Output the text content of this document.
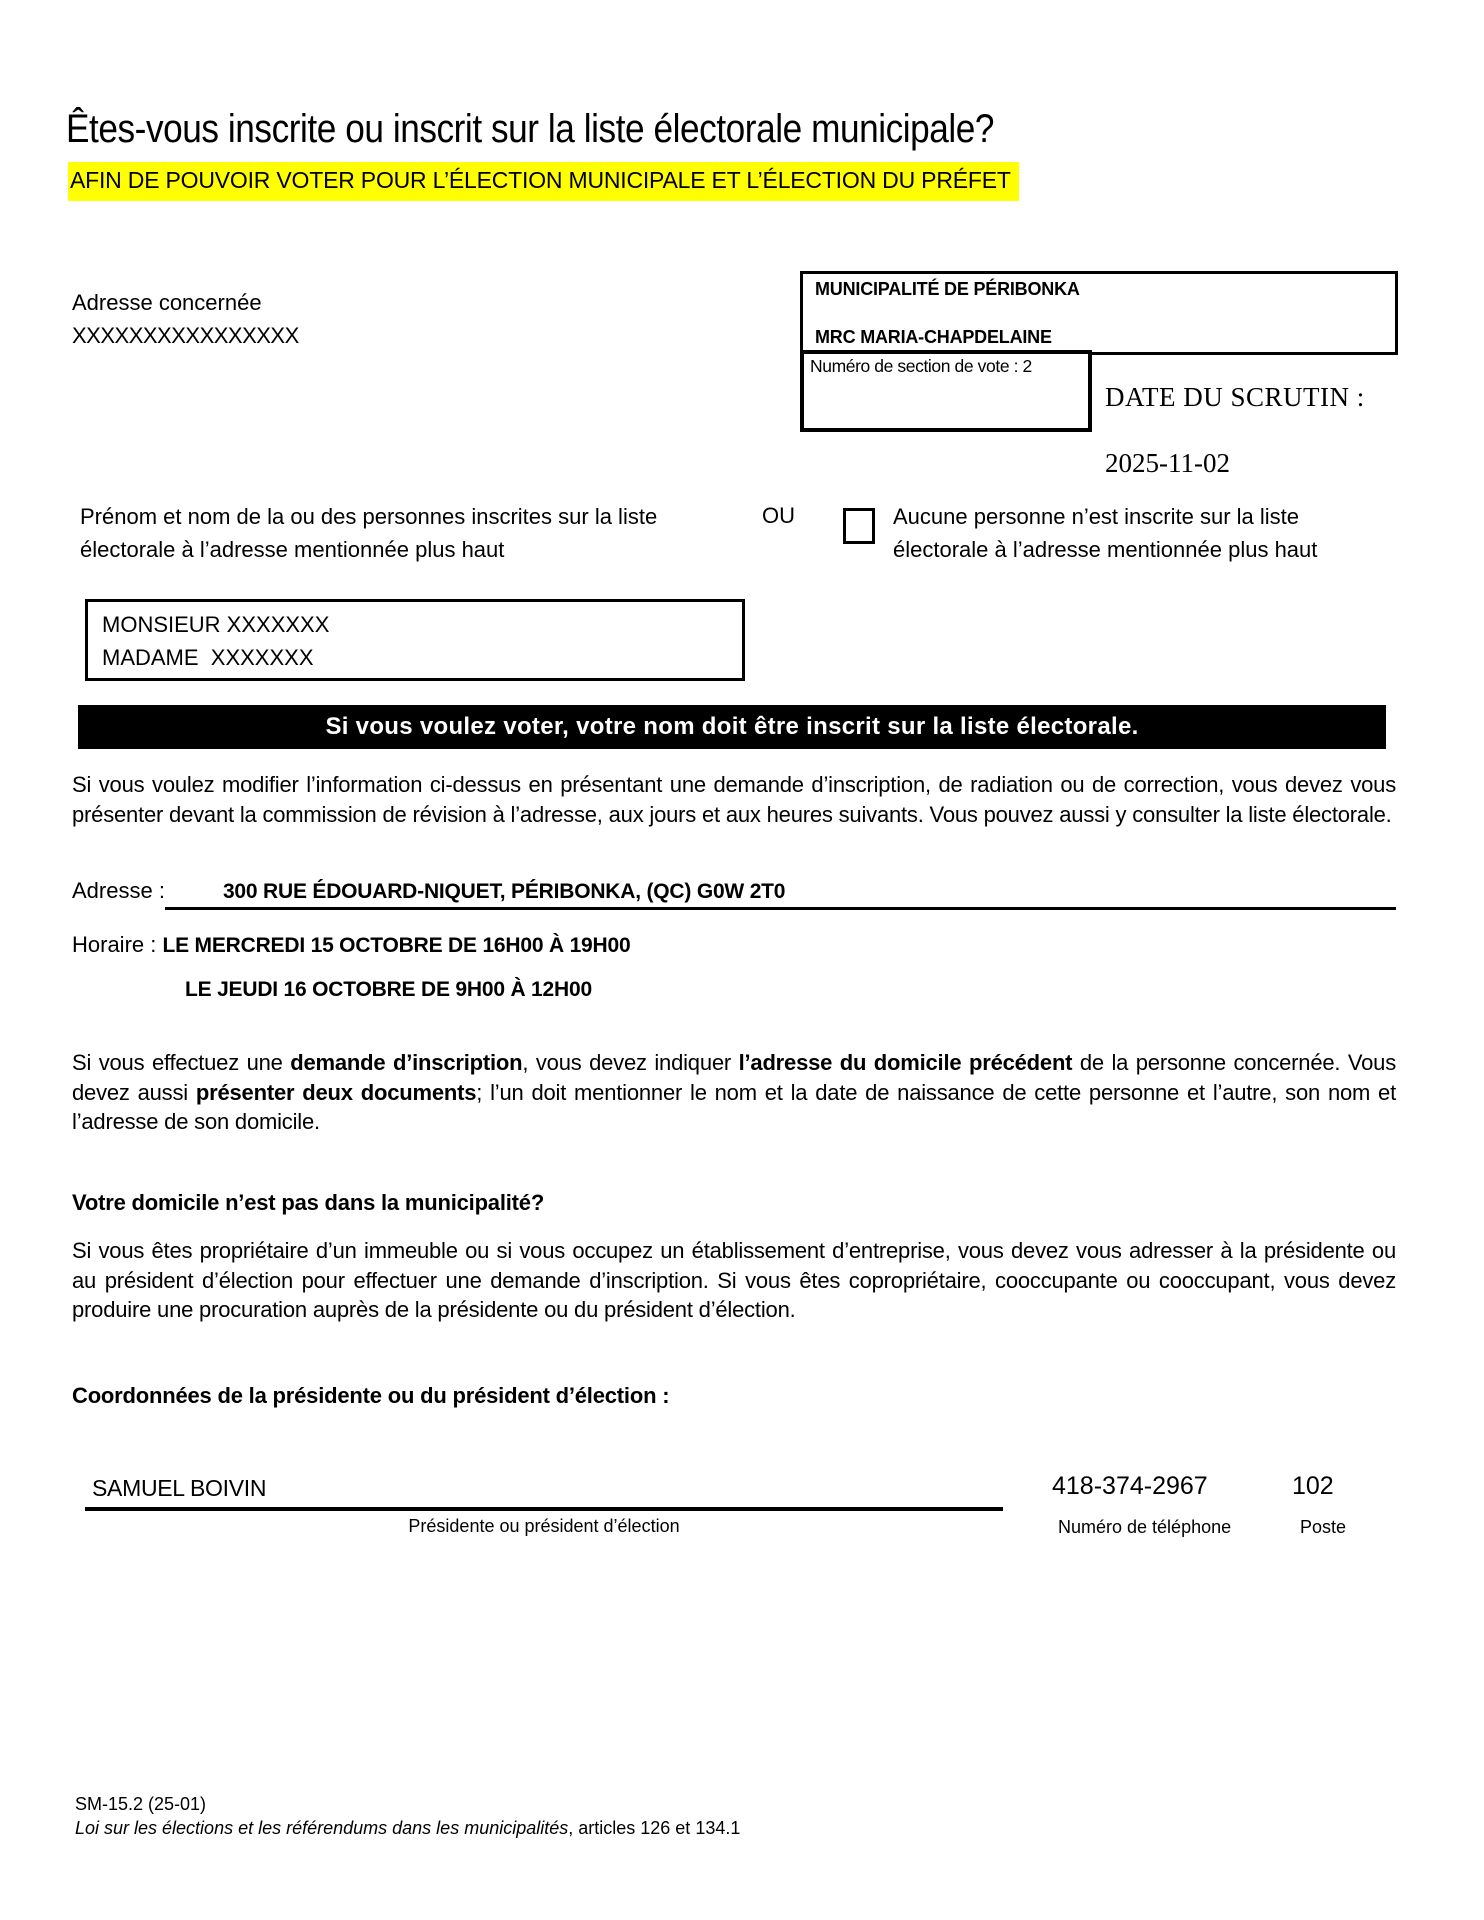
Êtes-vous inscrite ou inscrit sur la liste électorale municipale?
AFIN DE POUVOIR VOTER POUR L’ÉLECTION MUNICIPALE ET L’ÉLECTION DU PRÉFET
Adresse concernée
XXXXXXXXXXXXXXXX
MUNICIPALITÉ DE PÉRIBONKA
MRC MARIA-CHAPDELAINE
Numéro de section de vote : 2
DATE DU SCRUTIN :
2025-11-02
Prénom et nom de la ou des personnes inscrites sur la liste électorale à l’adresse mentionnée plus haut
OU	Aucune personne n’est inscrite sur la liste électorale à l’adresse mentionnée plus haut
MONSIEUR XXXXXXX
MADAME  XXXXXXX
Si vous voulez voter, votre nom doit être inscrit sur la liste électorale.

Si vous voulez modifier l’information ci-dessus en présentant une demande d’inscription, de radiation ou de correction, vous devez vous présenter devant la commission de révision à l’adresse, aux jours et aux heures suivants. Vous pouvez aussi y consulter la liste électorale.

Adresse :	300 RUE ÉDOUARD-NIQUET, PÉRIBONKA, (QC) G0W 2T0
Horaire : LE MERCREDI 15 OCTOBRE DE 16H00 À 19H00
LE JEUDI 16 OCTOBRE DE 9H00 À 12H00

Si vous effectuez une demande d’inscription, vous devez indiquer l’adresse du domicile précédent de la personne concernée. Vous devez aussi présenter deux documents; l’un doit mentionner le nom et la date de naissance de cette personne et l’autre, son nom et l’adresse de son domicile.

Votre domicile n’est pas dans la municipalité?

Si vous êtes propriétaire d’un immeuble ou si vous occupez un établissement d’entreprise, vous devez vous adresser à la présidente ou au président d’élection pour effectuer une demande d’inscription. Si vous êtes copropriétaire, cooccupante ou cooccupant, vous devez produire une procuration auprès de la présidente ou du président d’élection.

Coordonnées de la présidente ou du président d’élection :
SAMUEL BOIVIN
Présidente ou président d’élection
418-374-2967
Numéro de téléphone
102
Poste
SM-15.2 (25-01)
Loi sur les élections et les référendums dans les municipalités, articles 126 et 134.1
